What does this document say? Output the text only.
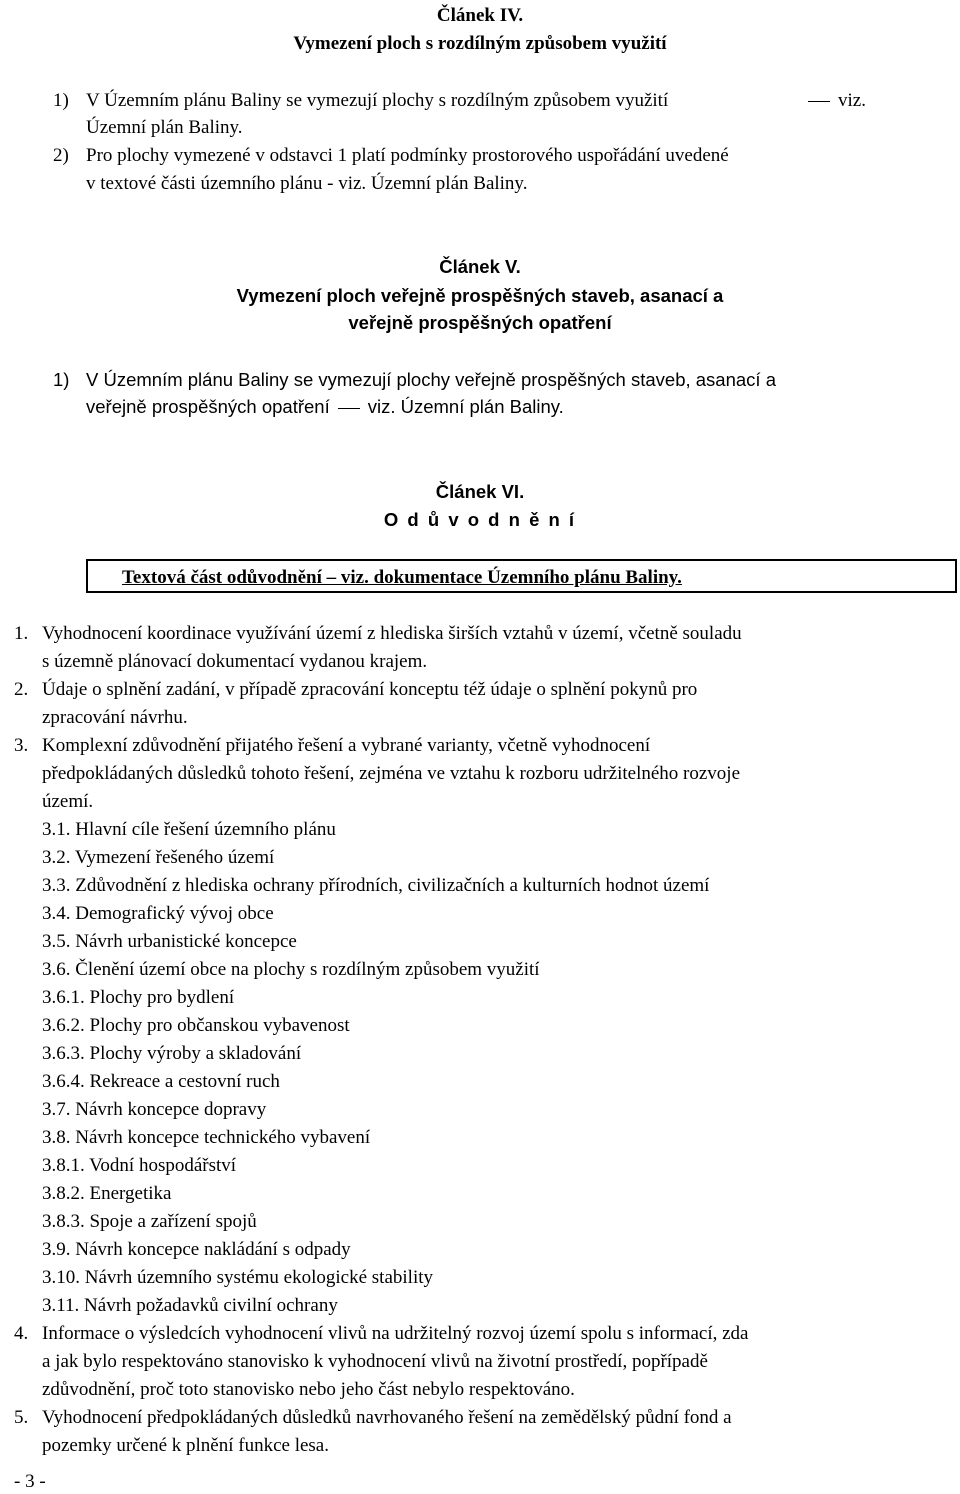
Článek IV.
Vymezení ploch s rozdílným způsobem využití
1) V Územním plánu Baliny se vymezují plochy s rozdílným způsobem využití	viz.
Územní plán Baliny.
2) Pro plochy vymezené v odstavci 1 platí podmínky prostorového uspořádání uvedené
v textové části územního plánu - viz. Územní plán Baliny.
Článek V.
Vymezení ploch veřejně prospěšných staveb, asanací a
veřejně prospěšných opatření
1) V Územním plánu Baliny se vymezují plochy veřejně prospěšných staveb, asanací a
veřejně prospěšných opatření viz. Územní plán Baliny.
Článek VI.
O d ů v o d n ě n í
Textová část odůvodnění – viz. dokumentace Územního plánu Baliny.
1. Vyhodnocení koordinace využívání území z hlediska širších vztahů v území, včetně souladu
s územně plánovací dokumentací vydanou krajem.
2. Údaje o splnění zadání, v případě zpracování konceptu též údaje o splnění pokynů pro
zpracování návrhu.
3. Komplexní zdůvodnění přijatého řešení a vybrané varianty, včetně vyhodnocení
předpokládaných důsledků tohoto řešení, zejména ve vztahu k rozboru udržitelného rozvoje
území.
3.1. Hlavní cíle řešení územního plánu
3.2. Vymezení řešeného území
3.3. Zdůvodnění z hlediska ochrany přírodních, civilizačních a kulturních hodnot území
3.4. Demografický vývoj obce
3.5. Návrh urbanistické koncepce
3.6. Členění území obce na plochy s rozdílným způsobem využití
3.6.1. Plochy pro bydlení
3.6.2. Plochy pro občanskou vybavenost
3.6.3. Plochy výroby a skladování
3.6.4. Rekreace a cestovní ruch
3.7. Návrh koncepce dopravy
3.8. Návrh koncepce technického vybavení
3.8.1. Vodní hospodářství
3.8.2. Energetika
3.8.3. Spoje a zařízení spojů
3.9. Návrh koncepce nakládání s odpady
3.10. Návrh územního systému ekologické stability
3.11. Návrh požadavků civilní ochrany
4. Informace o výsledcích vyhodnocení vlivů na udržitelný rozvoj území spolu s informací, zda
a jak bylo respektováno stanovisko k vyhodnocení vlivů na životní prostředí, popřípadě
zdůvodnění, proč toto stanovisko nebo jeho část nebylo respektováno.
5. Vyhodnocení předpokládaných důsledků navrhovaného řešení na zemědělský půdní fond a
pozemky určené k plnění funkce lesa.
- 3 -
